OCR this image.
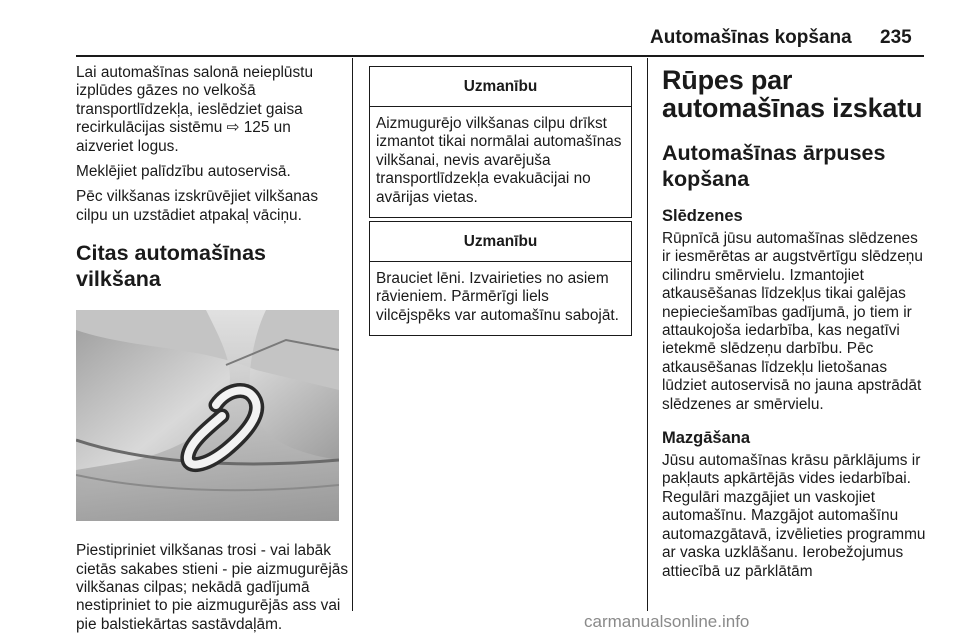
Automašīnas kopšana 235

Lai automašīnas salonā neieplūstu izplūdes gāzes no velkošā transportlīdzekļa, ieslēdziet gaisa recirkulācijas sistēmu ⇨ 125 un aizveriet logus.

Meklējiet palīdzību autoservisā.

Pēc vilkšanas izskrūvējiet vilkšanas cilpu un uzstādiet atpakaļ vāciņu.

Citas automašīnas vilkšana

Piestipriniet vilkšanas trosi - vai labāk cietās sakabes stieni - pie aizmugurējās vilkšanas cilpas; nekādā gadījumā nestipriniet to pie aizmugurējās ass vai pie balstiekārtas sastāvdaļām.

Uzmanību
Aizmugurējo vilkšanas cilpu drīkst izmantot tikai normālai automašīnas vilkšanai, nevis avarējuša transportlīdzekļa evakuācijai no avārijas vietas.
Uzmanību
Brauciet lēni. Izvairieties no asiem rāvieniem. Pārmērīgi liels vilcējspēks var automašīnu sabojāt.
Rūpes par automašīnas izskatu
Automašīnas ārpuses kopšana
Slēdzenes

Rūpnīcā jūsu automašīnas slēdzenes ir iesmērētas ar augstvērtīgu slēdzeņu cilindru smērvielu. Izmantojiet atkausēšanas līdzekļus tikai galējas nepieciešamības gadījumā, jo tiem ir attaukojoša iedarbība, kas negatīvi ietekmē slēdzeņu darbību. Pēc atkausēšanas līdzekļu lietošanas lūdziet autoservisā no jauna apstrādāt slēdzenes ar smērvielu.

Mazgāšana

Jūsu automašīnas krāsu pārklājums ir pakļauts apkārtējās vides iedarbībai. Regulāri mazgājiet un vaskojiet automašīnu. Mazgājot automašīnu automazgātavā, izvēlieties programmu ar vaska uzklāšanu. Ierobežojumus attiecībā uz pārklātām

carmanualsonline.info
